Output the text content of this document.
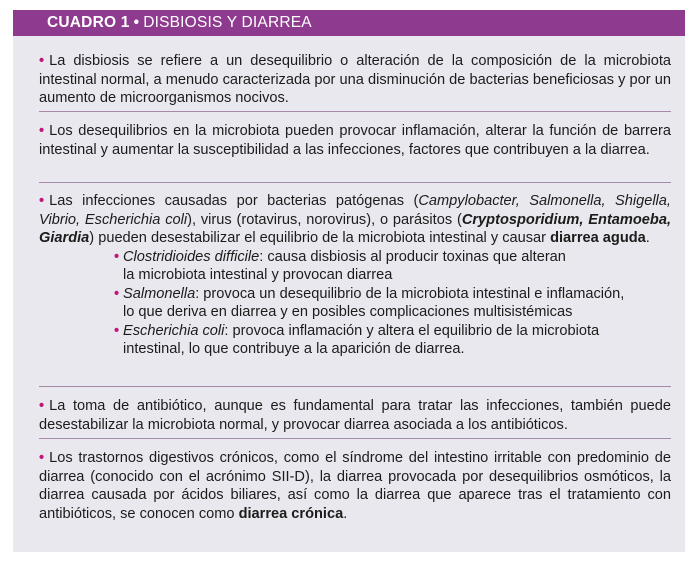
CUADRO 1 • DISBIOSIS Y DIARREA

• La disbiosis se refiere a un desequilibrio o alteración de la composición de la microbiota intestinal normal, a menudo caracterizada por una disminución de bacterias beneficiosas y por un aumento de microorganismos nocivos.

• Los desequilibrios en la microbiota pueden provocar inflamación, alterar la función de barrera intestinal y aumentar la susceptibilidad a las infecciones, factores que contribuyen a la diarrea.

• Las infecciones causadas por bacterias patógenas (Campylobacter, Salmonella, Shigella, Vibrio, Escherichia coli), virus (rotavirus, norovirus), o parásitos (Cryptosporidium, Entamoeba, Giardia) pueden desestabilizar el equilibrio de la microbiota intestinal y causar diarrea aguda.

• Clostridioides difficile: causa disbiosis al producir toxinas que alteran
la microbiota intestinal y provocan diarrea
• Salmonella: provoca un desequilibrio de la microbiota intestinal e inflamación,
lo que deriva en diarrea y en posibles complicaciones multisistémicas
• Escherichia coli: provoca inflamación y altera el equilibrio de la microbiota
intestinal, lo que contribuye a la aparición de diarrea.

• La toma de antibiótico, aunque es fundamental para tratar las infecciones, también puede desestabilizar la microbiota normal, y provocar diarrea asociada a los antibióticos.

• Los trastornos digestivos crónicos, como el síndrome del intestino irritable con predominio de diarrea (conocido con el acrónimo SII-D), la diarrea provocada por desequilibrios osmóticos, la diarrea causada por ácidos biliares, así como la diarrea que aparece tras el tratamiento con antibióticos, se conocen como diarrea crónica.
